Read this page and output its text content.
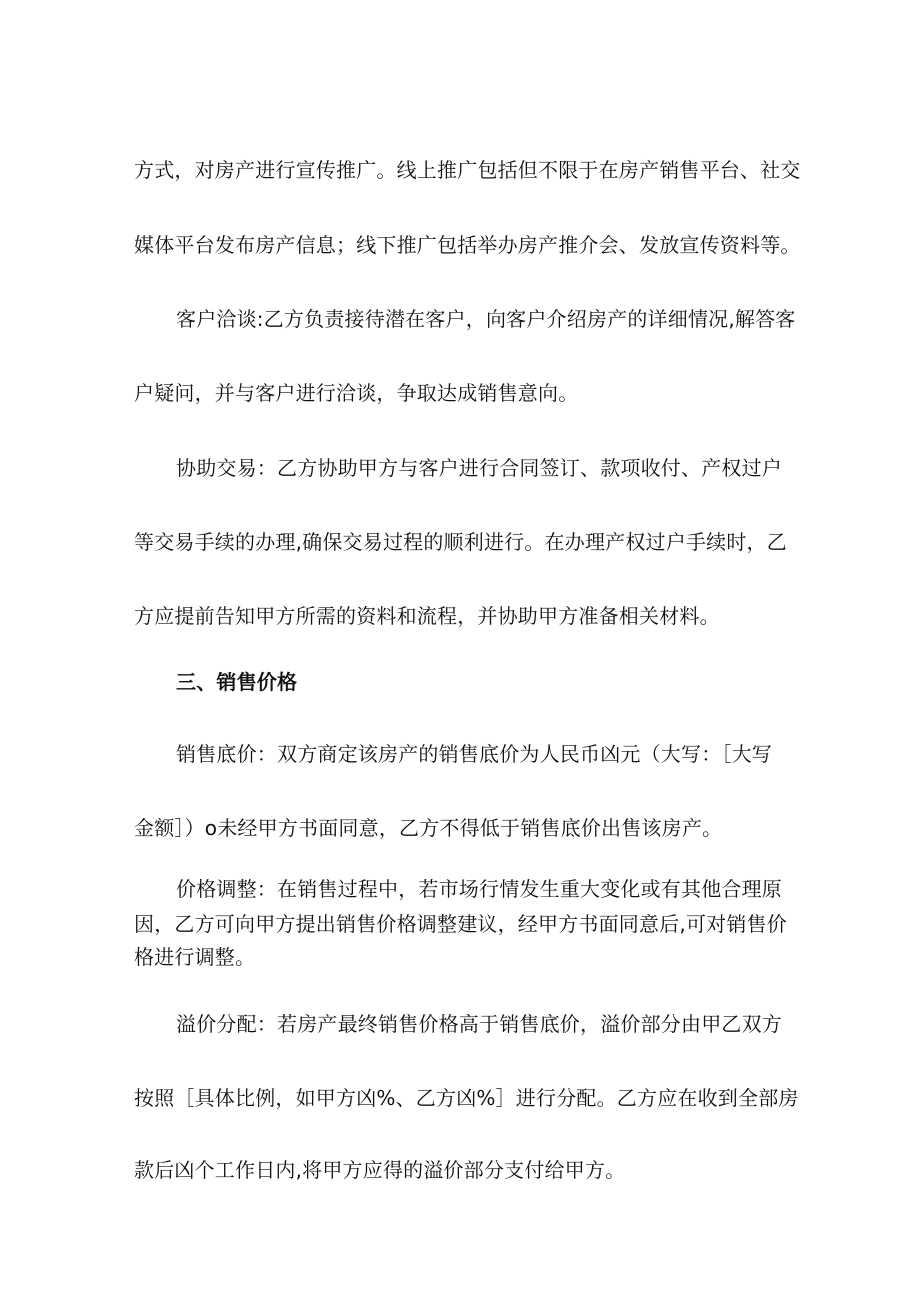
方式，对房产进行宣传推广。线上推广包括但不限于在房产销售平台、社交
媒体平台发布房产信息；线下推广包括举办房产推介会、发放宣传资料等。
客户洽谈:乙方负责接待潜在客户，向客户介绍房产的详细情况,解答客
户疑问，并与客户进行洽谈，争取达成销售意向。
协助交易：乙方协助甲方与客户进行合同签订、款项收付、产权过户
等交易手续的办理,确保交易过程的顺利进行。在办理产权过户手续时，乙
方应提前告知甲方所需的资料和流程，并协助甲方准备相关材料。
三、销售价格
销售底价：双方商定该房产的销售底价为人民币凶元（大写：［大写
金额］）o未经甲方书面同意，乙方不得低于销售底价出售该房产。
价格调整：在销售过程中，若市场行情发生重大变化或有其他合理原
因，乙方可向甲方提出销售价格调整建议，经甲方书面同意后,可对销售价
格进行调整。
溢价分配：若房产最终销售价格高于销售底价，溢价部分由甲乙双方
按照［具体比例，如甲方凶%、乙方凶%］进行分配。乙方应在收到全部房
款后凶个工作日内,将甲方应得的溢价部分支付给甲方。
